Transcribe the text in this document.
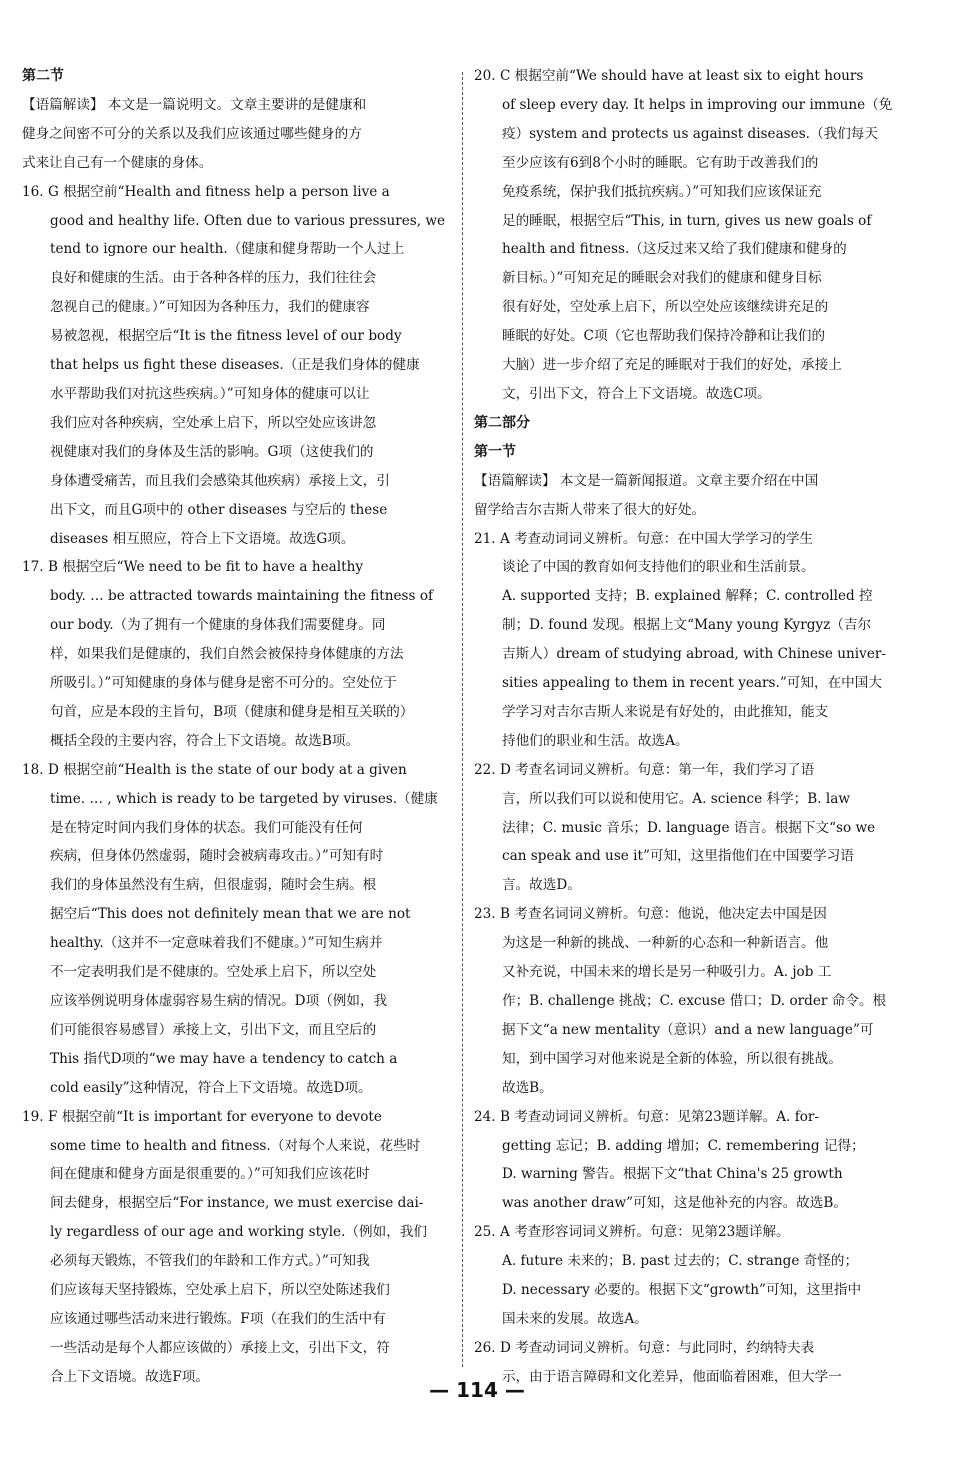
第二节
【语篇解读】 本文是一篇说明文。文章主要讲的是健康和
健身之间密不可分的关系以及我们应该通过哪些健身的方
式来让自己有一个健康的身体。
16. G 根据空前“Health and fitness help a person live a
good and healthy life. Often due to various pressures, we
tend to ignore our health.（健康和健身帮助一个人过上
良好和健康的生活。由于各种各样的压力，我们往往会
忽视自己的健康。）”可知因为各种压力，我们的健康容
易被忽视，根据空后“It is the fitness level of our body
that helps us fight these diseases.（正是我们身体的健康
水平帮助我们对抗这些疾病。）”可知身体的健康可以让
我们应对各种疾病，空处承上启下，所以空处应该讲忽
视健康对我们的身体及生活的影响。G项（这使我们的
身体遭受痛苦，而且我们会感染其他疾病）承接上文，引
出下文，而且G项中的 other diseases 与空后的 these
diseases 相互照应，符合上下文语境。故选G项。
17. B 根据空后“We need to be fit to have a healthy
body. … be attracted towards maintaining the fitness of
our body.（为了拥有一个健康的身体我们需要健身。同
样，如果我们是健康的，我们自然会被保持身体健康的方法
所吸引。）”可知健康的身体与健身是密不可分的。空处位于
句首，应是本段的主旨句，B项（健康和健身是相互关联的）
概括全段的主要内容，符合上下文语境。故选B项。
18. D 根据空前“Health is the state of our body at a given
time. … , which is ready to be targeted by viruses.（健康
是在特定时间内我们身体的状态。我们可能没有任何
疾病，但身体仍然虚弱，随时会被病毒攻击。）”可知有时
我们的身体虽然没有生病，但很虚弱，随时会生病。根
据空后“This does not definitely mean that we are not
healthy.（这并不一定意味着我们不健康。）”可知生病并
不一定表明我们是不健康的。空处承上启下，所以空处
应该举例说明身体虚弱容易生病的情况。D项（例如，我
们可能很容易感冒）承接上文，引出下文，而且空后的
This 指代D项的“we may have a tendency to catch a
cold easily”这种情况，符合上下文语境。故选D项。
19. F 根据空前“It is important for everyone to devote
some time to health and fitness.（对每个人来说，花些时
间在健康和健身方面是很重要的。）”可知我们应该花时
间去健身，根据空后“For instance, we must exercise dai-
ly regardless of our age and working style.（例如，我们
必须每天锻炼，不管我们的年龄和工作方式。）”可知我
们应该每天坚持锻炼，空处承上启下，所以空处陈述我们
应该通过哪些活动来进行锻炼。F项（在我们的生活中有
一些活动是每个人都应该做的）承接上文，引出下文，符
合上下文语境。故选F项。
20. C 根据空前“We should have at least six to eight hours
of sleep every day. It helps in improving our immune（免
疫）system and protects us against diseases.（我们每天
至少应该有6到8个小时的睡眠。它有助于改善我们的
免疫系统，保护我们抵抗疾病。）”可知我们应该保证充
足的睡眠，根据空后“This, in turn, gives us new goals of
health and fitness.（这反过来又给了我们健康和健身的
新目标。）”可知充足的睡眠会对我们的健康和健身目标
很有好处，空处承上启下，所以空处应该继续讲充足的
睡眠的好处。C项（它也帮助我们保持冷静和让我们的
大脑）进一步介绍了充足的睡眠对于我们的好处，承接上
文，引出下文，符合上下文语境。故选C项。
第二部分
第一节
【语篇解读】 本文是一篇新闻报道。文章主要介绍在中国
留学给吉尔吉斯人带来了很大的好处。
21. A 考查动词词义辨析。句意：在中国大学学习的学生
谈论了中国的教育如何支持他们的职业和生活前景。
A. supported 支持；B. explained 解释；C. controlled 控
制；D. found 发现。根据上文“Many young Kyrgyz（吉尔
吉斯人）dream of studying abroad, with Chinese univer-
sities appealing to them in recent years.”可知，在中国大
学学习对吉尔吉斯人来说是有好处的，由此推知，能支
持他们的职业和生活。故选A。
22. D 考查名词词义辨析。句意：第一年，我们学习了语
言，所以我们可以说和使用它。A. science 科学；B. law
法律；C. music 音乐；D. language 语言。根据下文“so we
can speak and use it”可知，这里指他们在中国要学习语
言。故选D。
23. B 考查名词词义辨析。句意：他说，他决定去中国是因
为这是一种新的挑战、一种新的心态和一种新语言。他
又补充说，中国未来的增长是另一种吸引力。A. job 工
作；B. challenge 挑战；C. excuse 借口；D. order 命令。根
据下文“a new mentality（意识）and a new language”可
知，到中国学习对他来说是全新的体验，所以很有挑战。
故选B。
24. B 考查动词词义辨析。句意：见第23题详解。A. for-
getting 忘记；B. adding 增加；C. remembering 记得；
D. warning 警告。根据下文“that China's 25 growth
was another draw”可知，这是他补充的内容。故选B。
25. A 考查形容词词义辨析。句意：见第23题详解。
A. future 未来的；B. past 过去的；C. strange 奇怪的；
D. necessary 必要的。根据下文“growth”可知，这里指中
国未来的发展。故选A。
26. D 考查动词词义辨析。句意：与此同时，约纳特夫表
示，由于语言障碍和文化差异，他面临着困难，但大学一
— 114 —
